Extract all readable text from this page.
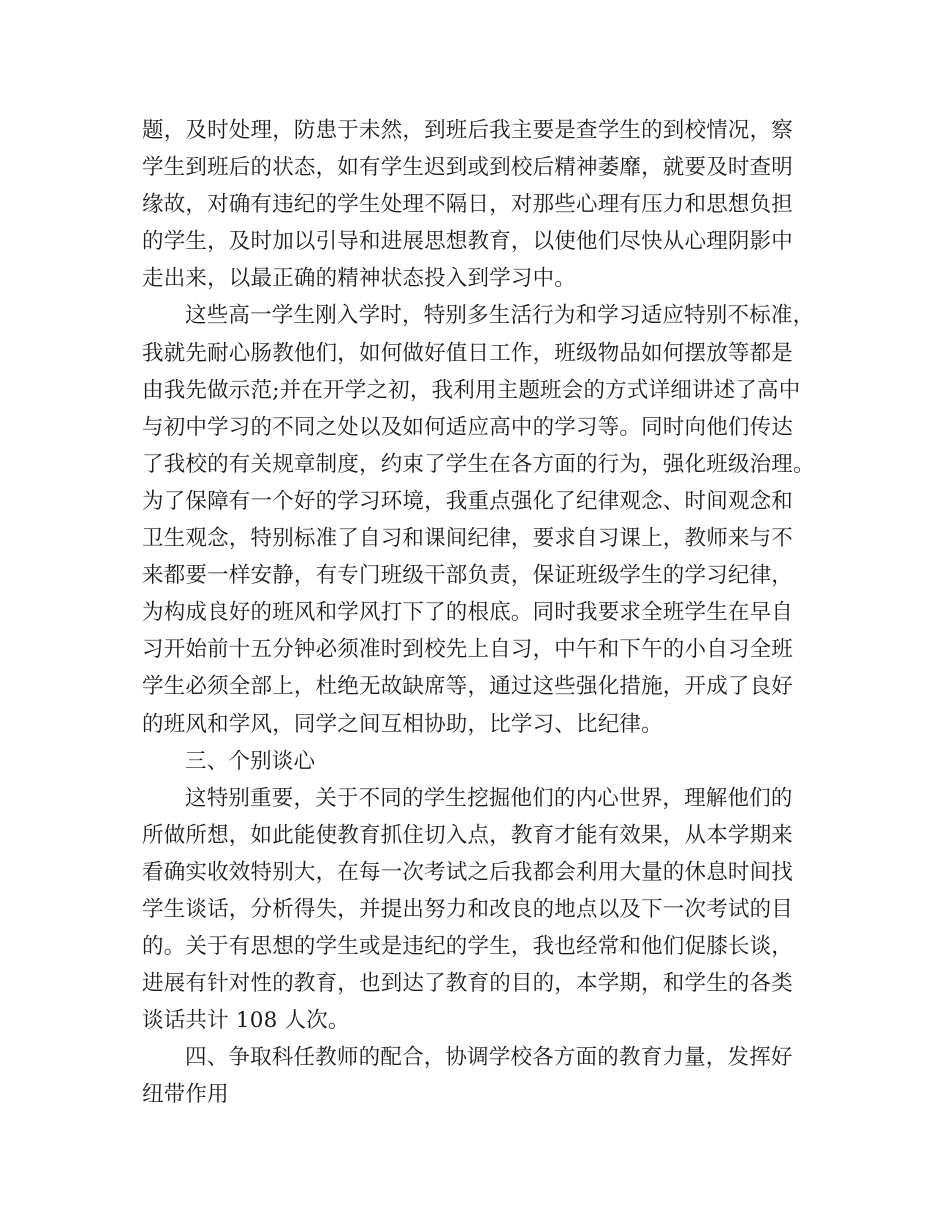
题，及时处理，防患于未然，到班后我主要是查学生的到校情况，察
学生到班后的状态，如有学生迟到或到校后精神萎靡，就要及时查明
缘故，对确有违纪的学生处理不隔日，对那些心理有压力和思想负担
的学生，及时加以引导和进展思想教育，以使他们尽快从心理阴影中
走出来，以最正确的精神状态投入到学习中。
这些高一学生刚入学时，特别多生活行为和学习适应特别不标准，
我就先耐心肠教他们，如何做好值日工作，班级物品如何摆放等都是
由我先做示范;并在开学之初，我利用主题班会的方式详细讲述了高中
与初中学习的不同之处以及如何适应高中的学习等。同时向他们传达
了我校的有关规章制度，约束了学生在各方面的行为，强化班级治理。
为了保障有一个好的学习环境，我重点强化了纪律观念、时间观念和
卫生观念，特别标准了自习和课间纪律，要求自习课上，教师来与不
来都要一样安静，有专门班级干部负责，保证班级学生的学习纪律，
为构成良好的班风和学风打下了的根底。同时我要求全班学生在早自
习开始前十五分钟必须准时到校先上自习，中午和下午的小自习全班
学生必须全部上，杜绝无故缺席等，通过这些强化措施，开成了良好
的班风和学风，同学之间互相协助，比学习、比纪律。
三、个别谈心
这特别重要，关于不同的学生挖掘他们的内心世界，理解他们的
所做所想，如此能使教育抓住切入点，教育才能有效果，从本学期来
看确实收效特别大，在每一次考试之后我都会利用大量的休息时间找
学生谈话，分析得失，并提出努力和改良的地点以及下一次考试的目
的。关于有思想的学生或是违纪的学生，我也经常和他们促膝长谈，
进展有针对性的教育，也到达了教育的目的，本学期，和学生的各类
谈话共计 108 人次。
四、争取科任教师的配合，协调学校各方面的教育力量，发挥好
纽带作用
